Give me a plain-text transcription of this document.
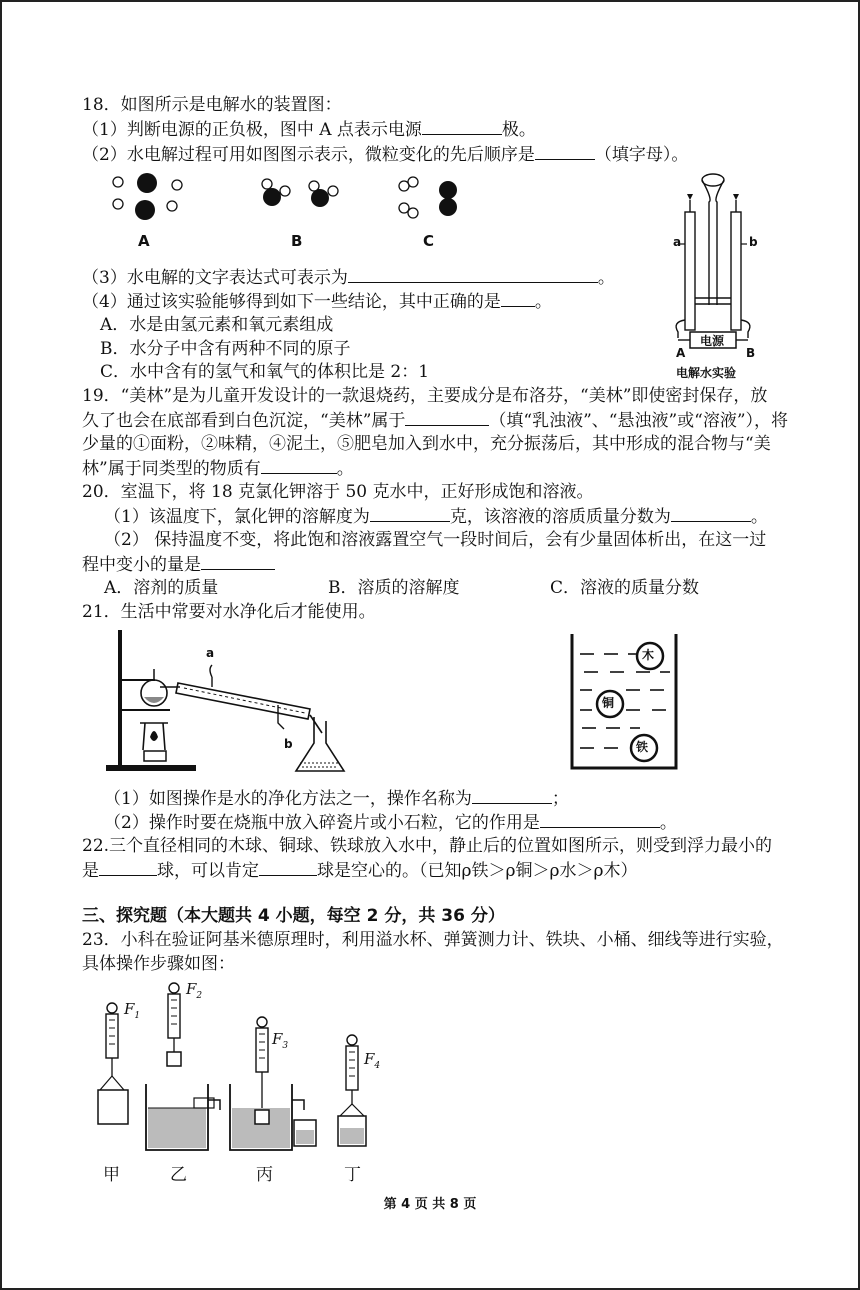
18．如图所示是电解水的装置图：
（1）判断电源的正负极，图中 A 点表示电源	极。
（2）水电解过程可用如图图示表示，微粒变化的先后顺序是	（填字母）。
A	B	C
（3）水电解的文字表达式可表示为	。
（4）通过该实验能够得到如下一些结论，其中正确的是 。
A．水是由氢元素和氧元素组成
B．水分子中含有两种不同的原子
C．水中含有的氢气和氧气的体积比是 2：1
a	b
电源
A	B
电解水实验
19．“美林”是为儿童开发设计的一款退烧药，主要成分是布洛芬，“美林”即使密封保存，放
久了也会在底部看到白色沉淀，“美林”属于	（填“乳浊液”、“悬浊液”或“溶液”），将
少量的①面粉，②味精，④泥土，⑤肥皂加入到水中，充分振荡后，其中形成的混合物与“美
林”属于同类型的物质有	。
20．室温下，将 18 克氯化钾溶于 50 克水中，正好形成饱和溶液。
（1）该温度下，氯化钾的溶解度为	克，该溶液的溶质质量分数为	。
（2） 保持温度不变，将此饱和溶液露置空气一段时间后，会有少量固体析出，在这一过
程中变小的量是
A．溶剂的质量	B．溶质的溶解度	C．溶液的质量分数
21．生活中常要对水净化后才能使用。
a
b
木
铜
铁
（1）如图操作是水的净化方法之一，操作名称为	；
（2）操作时要在烧瓶中放入碎瓷片或小石粒，它的作用是	。
22.三个直径相同的木球、铜球、铁球放入水中，静止后的位置如图所示，则受到浮力最小的
是	球，可以肯定	球是空心的。（已知ρ铁＞ρ铜＞ρ水＞ρ木）
三、探究题（本大题共 4 小题，每空 2 分，共 36 分）
23．小科在验证阿基米德原理时，利用溢水杯、弹簧测力计、铁块、小桶、细线等进行实验，
具体操作步骤如图：
$F_1$
$F_2$
$F_3$
$F_4$
甲	乙	丙	丁
第 4 页 共 8 页
